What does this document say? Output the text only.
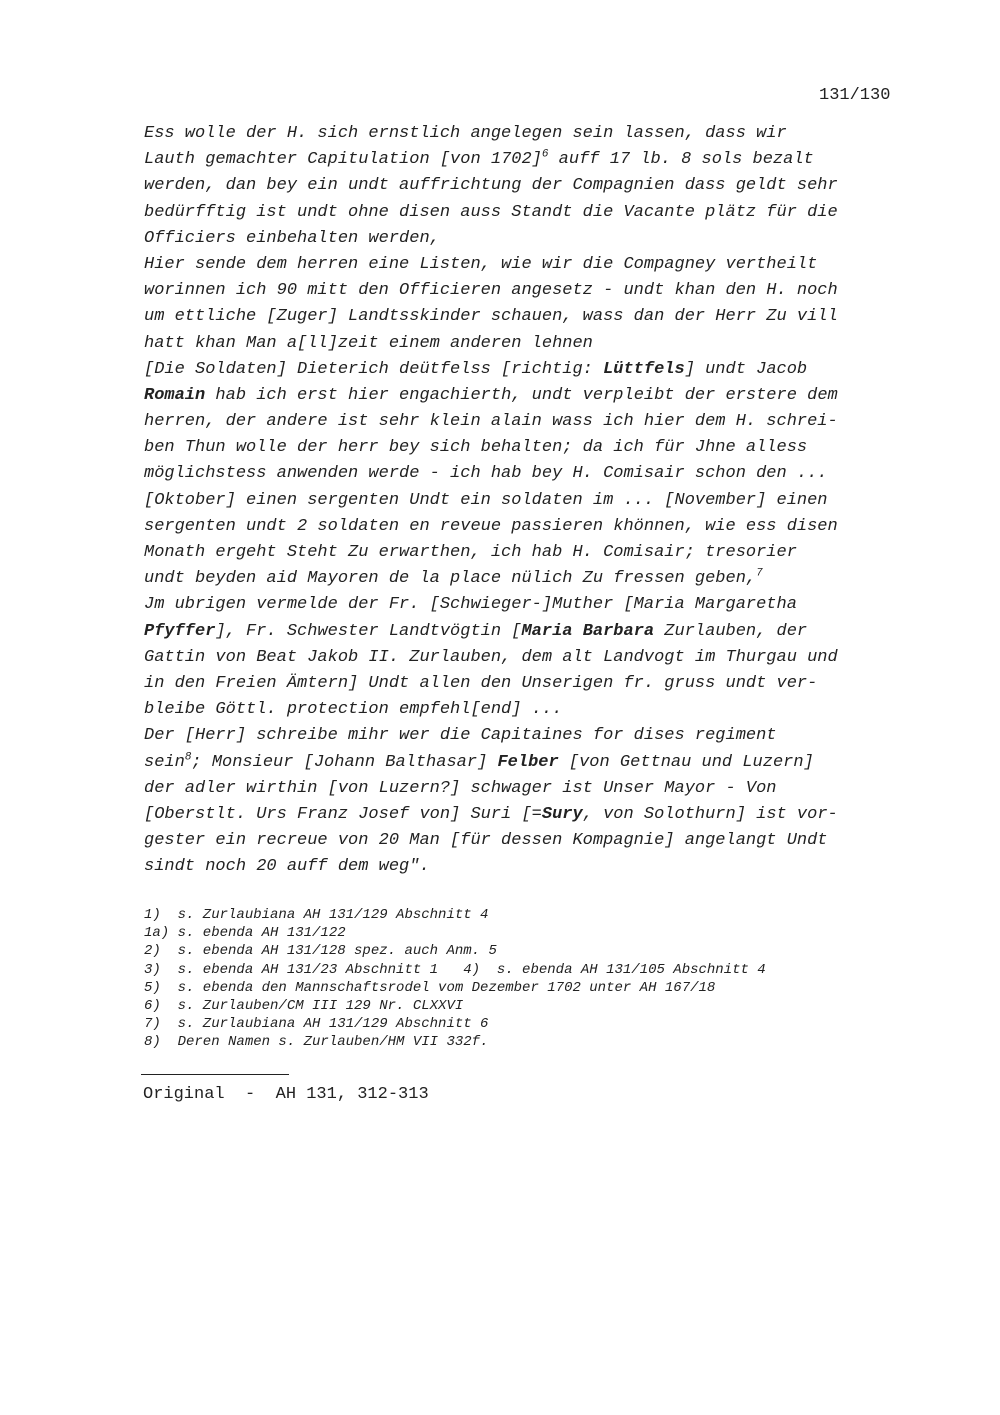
131/130
Ess wolle der H. sich ernstlich angelegen sein lassen, dass wir
Lauth gemachter Capitulation [von 1702]$^6$ auff 17 lb. 8 sols bezalt
werden, dan bey ein undt auffrichtung der Compagnien dass geldt sehr
bedürfftig ist undt ohne disen auss Standt die Vacante plätz für die
Officiers einbehalten werden,
Hier sende dem herren eine Listen, wie wir die Compagney vertheilt
worinnen ich 90 mitt den Officieren angesetz - undt khan den H. noch
um ettliche [Zuger] Landtsskinder schauen, wass dan der Herr Zu vill
hatt khan Man a[ll]zeit einem anderen lehnen
[Die Soldaten] Dieterich deütfelss [richtig: Lüttfels] undt Jacob
Romain hab ich erst hier engachierth, undt verpleibt der erstere dem
herren, der andere ist sehr klein alain wass ich hier dem H. schrei-
ben Thun wolle der herr bey sich behalten; da ich für Jhne alless
möglichstess anwenden werde - ich hab bey H. Comisair schon den ...
[Oktober] einen sergenten Undt ein soldaten im ... [November] einen
sergenten undt 2 soldaten en reveue passieren khönnen, wie ess disen
Monath ergeht Steht Zu erwarthen, ich hab H. Comisair; tresorier
undt beyden aid Mayoren de la place nülich Zu fressen geben,$^7$
Jm ubrigen vermelde der Fr. [Schwieger-]Muther [Maria Margaretha
Pfyffer], Fr. Schwester Landtvögtin [Maria Barbara Zurlauben, der
Gattin von Beat Jakob II. Zurlauben, dem alt Landvogt im Thurgau und
in den Freien Ämtern] Undt allen den Unserigen fr. gruss undt ver-
bleibe Göttl. protection empfehl[end] ...
Der [Herr] schreibe mihr wer die Capitaines for dises regiment
sein$^8$; Monsieur [Johann Balthasar] Felber [von Gettnau und Luzern]
der adler wirthin [von Luzern?] schwager ist Unser Mayor - Von
[Oberstlt. Urs Franz Josef von] Suri [=Sury, von Solothurn] ist vor-
gester ein recreue von 20 Man [für dessen Kompagnie] angelangt Undt
sindt noch 20 auff dem weg".
1)  s. Zurlaubiana AH 131/129 Abschnitt 4
1a) s. ebenda AH 131/122
2)  s. ebenda AH 131/128 spez. auch Anm. 5
3)  s. ebenda AH 131/23 Abschnitt 1   4)  s. ebenda AH 131/105 Abschnitt 4
5)  s. ebenda den Mannschaftsrodel vom Dezember 1702 unter AH 167/18
6)  s. Zurlauben/CM III 129 Nr. CLXXVI
7)  s. Zurlaubiana AH 131/129 Abschnitt 6
8)  Deren Namen s. Zurlauben/HM VII 332f.
Original  -  AH 131, 312-313
